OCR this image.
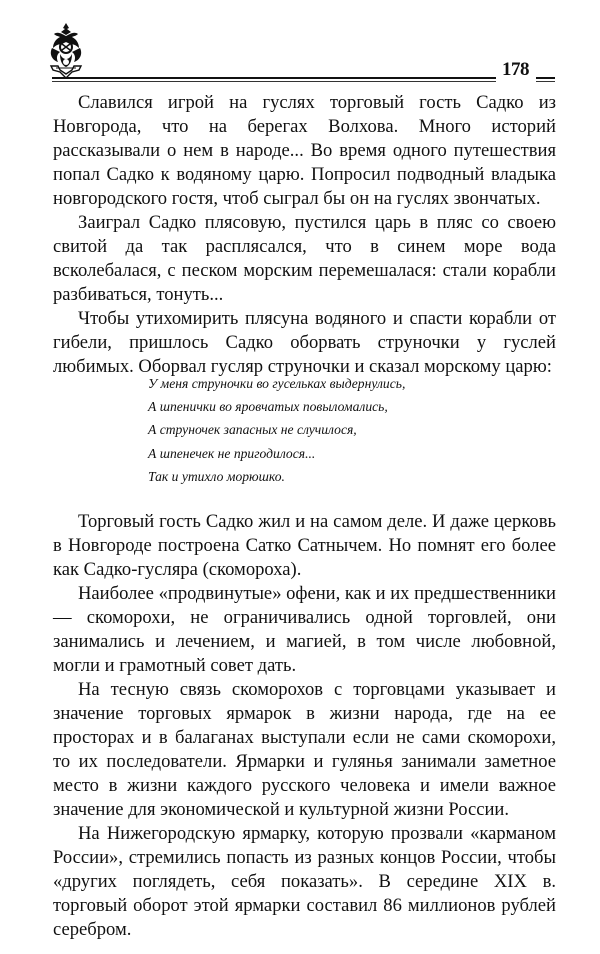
178

Славился игрой на гуслях торговый гость Садко из Новгорода, что на берегах Волхова. Много историй рассказывали о нем в народе... Во время одного путешествия попал Садко к водяному царю. Попросил подводный владыка новгородского гостя, чтоб сыграл бы он на гуслях звончатых.

Заиграл Садко плясовую, пустился царь в пляс со своею свитой да так расплясался, что в синем море вода всколебалася, с песком морским перемешалася: стали корабли разбиваться, тонуть...

Чтобы утихомирить плясуна водяного и спасти корабли от гибели, пришлось Садко оборвать струночки у гуслей любимых. Оборвал гусляр струночки и сказал морскому царю:

У меня струночки во гусельках выдернулись,
А шпенички во яровчатых повыломались,
А струночек запасных не случилося,
А шпенечек не пригодилося...
Так и утихло морюшко.

Торговый гость Садко жил и на самом деле. И даже церковь в Новгороде построена Сатко Сатнычем. Но помнят его более как Садко-гусляра (скомороха).

Наиболее «продвинутые» офени, как и их предшественники — скоморохи, не ограничивались одной торговлей, они занимались и лечением, и магией, в том числе любовной, могли и грамотный совет дать.

На тесную связь скоморохов с торговцами указывает и значение торговых ярмарок в жизни народа, где на ее просторах и в балаганах выступали если не сами скоморохи, то их последователи. Ярмарки и гулянья занимали заметное место в жизни каждого русского человека и имели важное значение для экономической и культурной жизни России.

На Нижегородскую ярмарку, которую прозвали «карманом России», стремились попасть из разных концов России, чтобы «других поглядеть, себя показать». В середине XIX в. торговый оборот этой ярмарки составил 86 миллионов рублей серебром.
